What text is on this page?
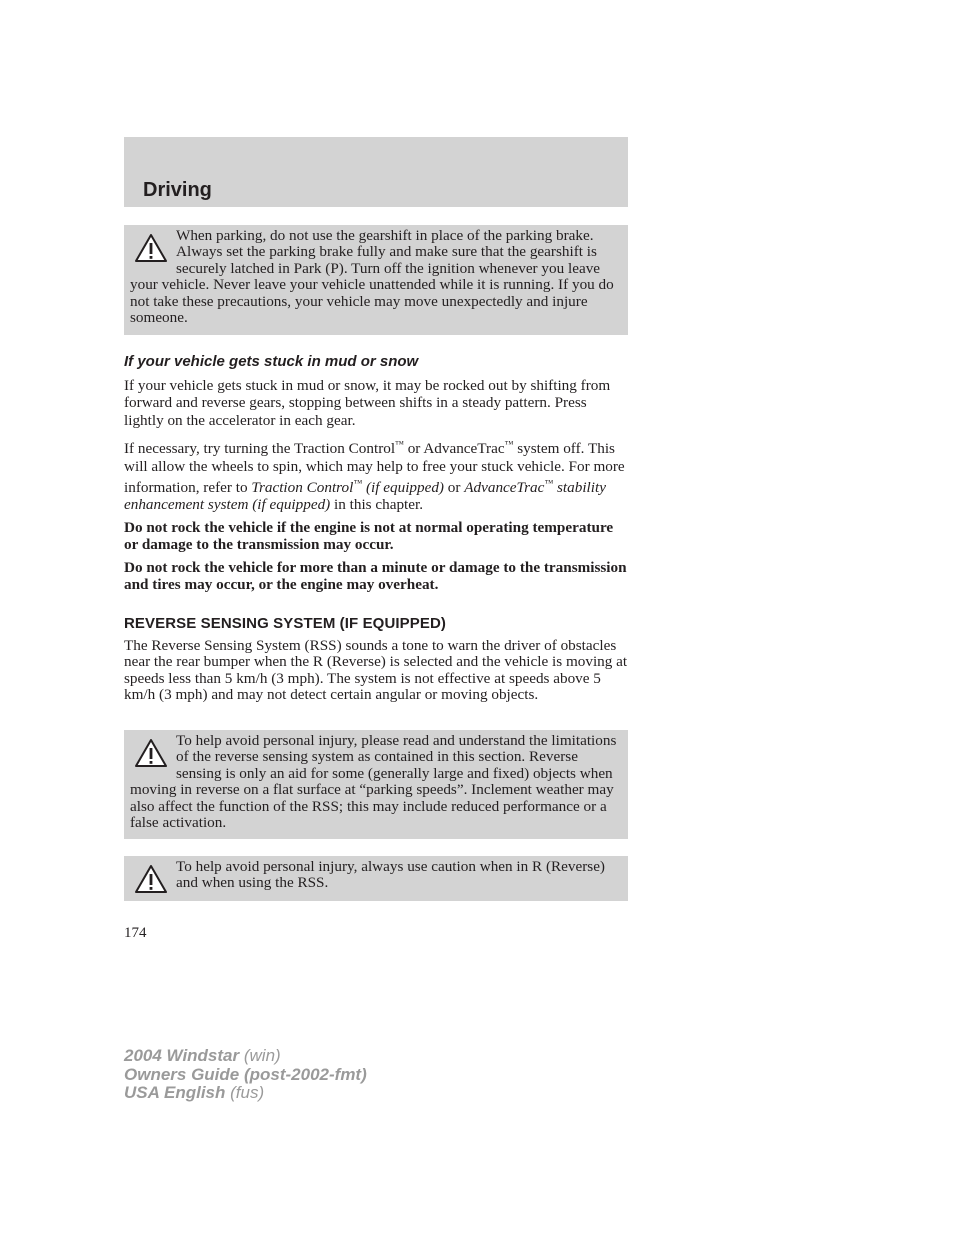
Driving
When parking, do not use the gearshift in place of the parking brake. Always set the parking brake fully and make sure that the gearshift is securely latched in Park (P). Turn off the ignition whenever you leave your vehicle. Never leave your vehicle unattended while it is running. If you do not take these precautions, your vehicle may move unexpectedly and injure someone.
If your vehicle gets stuck in mud or snow

If your vehicle gets stuck in mud or snow, it may be rocked out by shifting from forward and reverse gears, stopping between shifts in a steady pattern. Press lightly on the accelerator in each gear.

If necessary, try turning the Traction Control™ or AdvanceTrac™ system off. This will allow the wheels to spin, which may help to free your stuck vehicle. For more information, refer to Traction Control™ (if equipped) or AdvanceTrac™ stability enhancement system (if equipped) in this chapter.

Do not rock the vehicle if the engine is not at normal operating temperature or damage to the transmission may occur.

Do not rock the vehicle for more than a minute or damage to the transmission and tires may occur, or the engine may overheat.

REVERSE SENSING SYSTEM (IF EQUIPPED)

The Reverse Sensing System (RSS) sounds a tone to warn the driver of obstacles near the rear bumper when the R (Reverse) is selected and the vehicle is moving at speeds less than 5 km/h (3 mph). The system is not effective at speeds above 5 km/h (3 mph) and may not detect certain angular or moving objects.

To help avoid personal injury, please read and understand the limitations of the reverse sensing system as contained in this section. Reverse sensing is only an aid for some (generally large and fixed) objects when moving in reverse on a flat surface at “parking speeds”. Inclement weather may also affect the function of the RSS; this may include reduced performance or a false activation.
To help avoid personal injury, always use caution when in R (Reverse) and when using the RSS.
174
2004 Windstar (win)
Owners Guide (post-2002-fmt)
USA English (fus)
